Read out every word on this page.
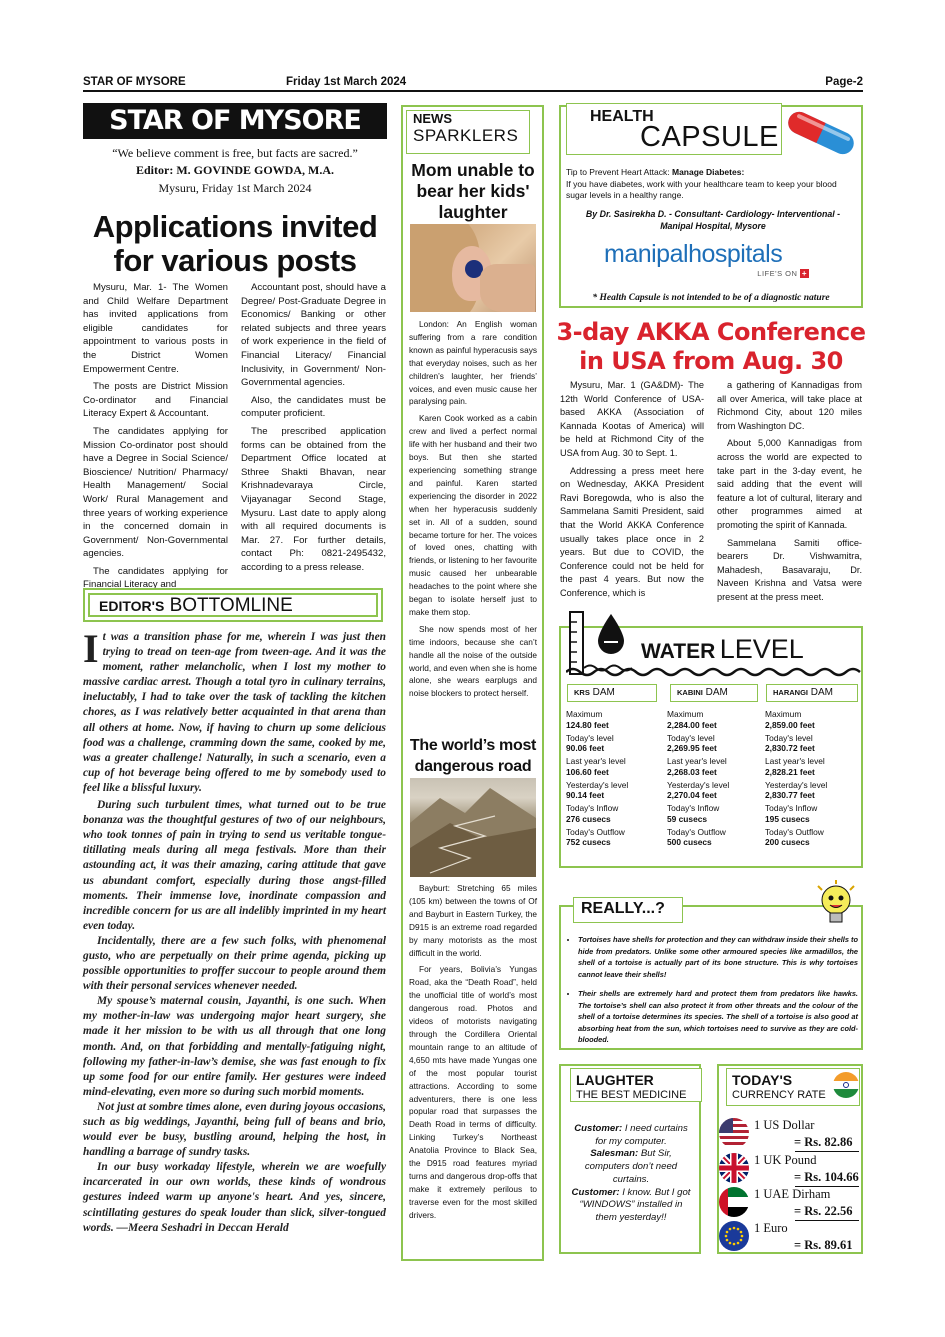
STAR OF MYSORE	Friday 1st March 2024	Page-2
STAR OF MYSORE
“We believe comment is free, but facts are sacred.”
Editor: M. GOVINDE GOWDA, M.A.
Mysuru, Friday 1st March 2024
Applications invited
for various posts

Mysuru, Mar. 1- The Women and Child Welfare Department has invited applications from eligible candidates for appointment to various posts in the District Women Empowerment Centre.

The posts are District Mission Co-ordinator and Financial Literacy Expert & Accountant.

The candidates applying for Mission Co-ordinator post should have a Degree in Social Science/ Bioscience/ Nutrition/ Pharmacy/ Health Management/ Social Work/ Rural Management and three years of working experience in the concerned domain in Government/ Non-Governmental agencies.

The candidates applying for Financial Literacy and

Accountant post, should have a Degree/ Post-Graduate Degree in Economics/ Banking or other related subjects and three years of work experience in the field of Financial Literacy/ Financial Inclusivity, in Government/ Non-Governmental agencies.

Also, the candidates must be computer proficient.

The prescribed application forms can be obtained from the Department Office located at Sthree Shakti Bhavan, near Krishnadevaraya Circle, Vijayanagar Second Stage, Mysuru. Last date to apply along with all required documents is Mar. 27. For further details, contact Ph: 0821-2495432, according to a press release.

EDITOR'S BOTTOMLINE
It was a transition phase for me, wherein I was just then trying to tread on teen-age from tween-age. And it was the moment, rather melancholic, when I lost my mother to massive cardiac arrest. Though a total tyro in culinary terrains, ineluctably, I had to take over the task of tackling the kitchen chores, as I was relatively better acquainted in that arena than all others at home. Now, if having to churn up some delicious food was a challenge, cramming down the same, cooked by me, was a greater challenge! Naturally, in such a scenario, even a cup of hot beverage being offered to me by somebody used to feel like a blissful luxury.

During such turbulent times, what turned out to be true bonanza was the thoughtful gestures of two of our neighbours, who took tonnes of pain in trying to send us veritable tongue-titillating meals during all mega festivals. More than their astounding act, it was their amazing, caring attitude that gave us abundant comfort, especially during those angst-filled moments. Their immense love, inordinate compassion and incredible concern for us are all indelibly imprinted in my heart even today.

Incidentally, there are a few such folks, with phenomenal gusto, who are perpetually on their prime agenda, picking up possible opportunities to proffer succour to people around them with their personal services whenever needed.

My spouse’s maternal cousin, Jayanthi, is one such. When my mother-in-law was undergoing major heart surgery, she made it her mission to be with us all through that one long month. And, on that forbidding and mentally-fatiguing night, following my father-in-law’s demise, she was fast enough to fix up some food for our entire family. Her gestures were indeed mind-elevating, even more so during such morbid moments.

Not just at sombre times alone, even during joyous occasions, such as big weddings, Jayanthi, being full of beans and brio, would ever be busy, bustling around, helping the host, in handling a barrage of sundry tasks.

In our busy workaday lifestyle, wherein we are woefully incarcerated in our own worlds, these kinds of wondrous gestures indeed warm up anyone's heart. And yes, sincere, scintillating gestures do speak louder than slick, silver-tongued words. —Meera Seshadri in Deccan Herald

NEWS
SPARKLERS
Mom unable to bear her kids' laughter

London: An English woman suffering from a rare condition known as painful hyperacusis says that everyday noises, such as her children’s laughter, her friends’ voices, and even music cause her paralysing pain.

Karen Cook worked as a cabin crew and lived a perfect normal life with her husband and their two boys. But then she started experiencing something strange and painful. Karen started experiencing the disorder in 2022 when her hyperacusis suddenly set in. All of a sudden, sound became torture for her. The voices of loved ones, chatting with friends, or listening to her favourite music caused her unbearable headaches to the point where she began to isolate herself just to make them stop.

She now spends most of her time indoors, because she can’t handle all the noise of the outside world, and even when she is home alone, she wears earplugs and noise blockers to protect herself.

The world’s most dangerous road

Bayburt: Stretching 65 miles (105 km) between the towns of Of and Bayburt in Eastern Turkey, the D915 is an extreme road regarded by many motorists as the most difficult in the world.

For years, Bolivia’s Yungas Road, aka the “Death Road”, held the unofficial title of world’s most dangerous road. Photos and videos of motorists navigating through the Cordillera Oriental mountain range to an altitude of 4,650 mts have made Yungas one of the most popular tourist attractions. According to some adventurers, there is one less popular road that surpasses the Death Road in terms of difficulty. Linking Turkey’s Northeast Anatolia Province to Black Sea, the D915 road features myriad turns and dangerous drop-offs that make it extremely perilous to traverse even for the most skilled drivers.

HEALTH
CAPSULE
Tip to Prevent Heart Attack: Manage Diabetes:
If you have diabetes, work with your healthcare team to keep your blood sugar levels in a healthy range.
By Dr. Sasirekha D. - Consultant- Cardiology- Interventional - Manipal Hospital, Mysore
manipalhospitals
LIFE'S ON +
* Health Capsule is not intended to be of a diagnostic nature
3-day AKKA Conference
in USA from Aug. 30

Mysuru, Mar. 1 (GA&DM)- The 12th World Conference of USA-based AKKA (Association of Kannada Kootas of America) will be held at Richmond City of the USA from Aug. 30 to Sept. 1.

Addressing a press meet here on Wednesday, AKKA President Ravi Boregowda, who is also the Sammelana Samiti President, said that the World AKKA Conference usually takes place once in 2 years. But due to COVID, the Conference could not be held for the past 4 years. But now the Conference, which is

a gathering of Kannadigas from all over America, will take place at Richmond City, about 120 miles from Washington DC.

About 5,000 Kannadigas from across the world are expected to take part in the 3-day event, he said adding that the event will feature a lot of cultural, literary and other programmes aimed at promoting the spirit of Kannada.

Sammelana Samiti office-bearers Dr. Vishwamitra, Mahadesh, Basavaraju, Dr. Naveen Krishna and Vatsa were present at the press meet.

WATER LEVEL
KRS DAM
Maximum
124.80 feet
Today's level
90.06 feet
Last year's level
106.60 feet
Yesterday's level
90.14 feet
Today's Inflow
276 cusecs
Today's Outflow
752 cusecs
KABINI DAM
Maximum
2,284.00 feet
Today's level
2,269.95 feet
Last year's level
2,268.03 feet
Yesterday's level
2,270.04 feet
Today's Inflow
59 cusecs
Today's Outflow
500 cusecs
HARANGI DAM
Maximum
2,859.00 feet
Today's level
2,830.72 feet
Last year's level
2,828.21 feet
Yesterday's level
2,830.77 feet
Today's Inflow
195 cusecs
Today's Outflow
200 cusecs
REALLY...?
• Tortoises have shells for protection and they can withdraw inside their shells to hide from predators. Unlike some other armoured species like armadillos, the shell of a tortoise is actually part of its bone structure. This is why tortoises cannot leave their shells!
• Their shells are extremely hard and protect them from predators like hawks. The tortoise’s shell can also protect it from other threats and the colour of the shell of a tortoise determines its species. The shell of a tortoise is also good at absorbing heat from the sun, which tortoises need to survive as they are cold-blooded.
LAUGHTER
THE BEST MEDICINE
Customer: I need curtains for my computer.
Salesman: But Sir, computers don’t need curtains.
Customer: I know. But I got “WINDOWS” installed in them yesterday!!
TODAY'S
CURRENCY RATE
1 US Dollar
= Rs. 82.86
1 UK Pound
= Rs. 104.66
1 UAE Dirham
= Rs. 22.56
1 Euro
= Rs. 89.61
